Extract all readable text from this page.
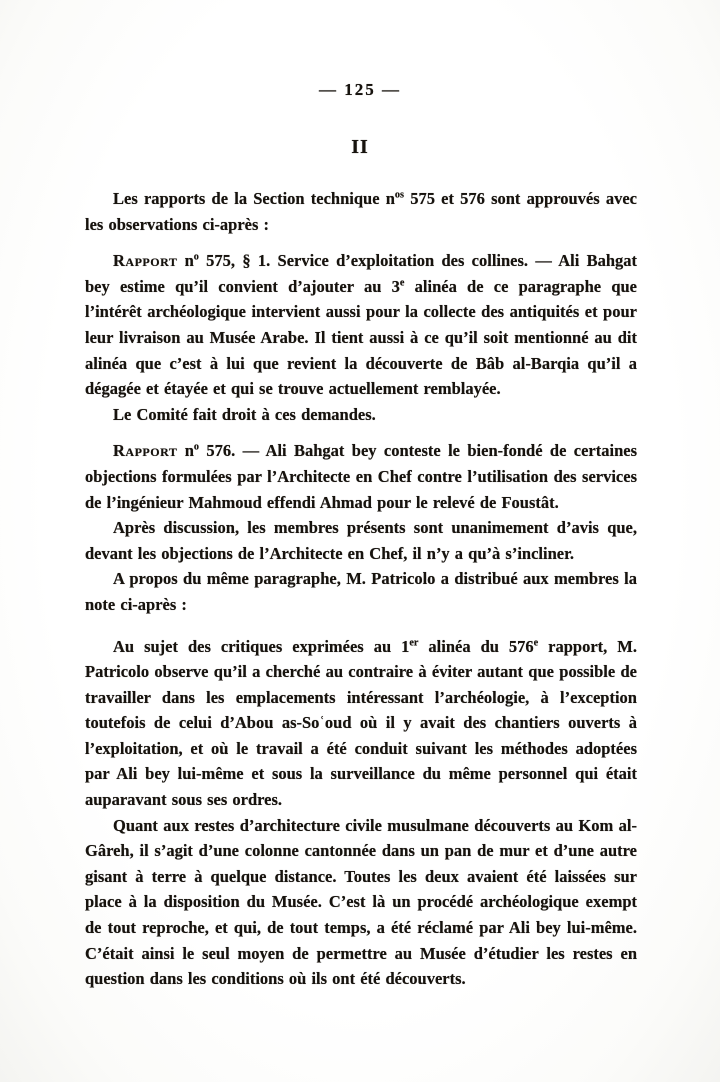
— 125 —
II

Les rapports de la Section technique $n^{os}$ 575 et 576 sont approuvés avec les observations ci-après :

Rapport $n^o$ 575, § 1. Service d’exploitation des collines. — Ali Bahgat bey estime qu’il convient d’ajouter au 3e alinéa de ce paragraphe que l’intérêt archéologique intervient aussi pour la collecte des antiquités et pour leur livraison au Musée Arabe. Il tient aussi à ce qu’il soit mentionné au dit alinéa que c’est à lui que revient la découverte de Bâb al-Barqia qu’il a dégagée et étayée et qui se trouve actuellement remblayée.

Le Comité fait droit à ces demandes.

Rapport $n^o$ 576. — Ali Bahgat bey conteste le bien-fondé de certaines objections formulées par l’Architecte en Chef contre l’utilisation des services de l’ingénieur Mahmoud effendi Ahmad pour le relevé de Foustât.

Après discussion, les membres présents sont unanimement d’avis que, devant les objections de l’Architecte en Chef, il n’y a qu’à s’incliner.

A propos du même paragraphe, M. Patricolo a distribué aux membres la note ci-après :

Au sujet des critiques exprimées au 1er alinéa du 576e rapport, M. Patricolo observe qu’il a cherché au contraire à éviter autant que possible de travailler dans les emplacements intéressant l’archéologie, à l’exception toutefois de celui d’Abou as-Soʿoud où il y avait des chantiers ouverts à l’exploitation, et où le travail a été conduit suivant les méthodes adoptées par Ali bey lui-même et sous la surveillance du même personnel qui était auparavant sous ses ordres.

Quant aux restes d’architecture civile musulmane découverts au Kom al-Gâreh, il s’agit d’une colonne cantonnée dans un pan de mur et d’une autre gisant à terre à quelque distance. Toutes les deux avaient été laissées sur place à la disposition du Musée. C’est là un procédé archéologique exempt de tout reproche, et qui, de tout temps, a été réclamé par Ali bey lui-même. C’était ainsi le seul moyen de permettre au Musée d’étudier les restes en question dans les conditions où ils ont été découverts.
